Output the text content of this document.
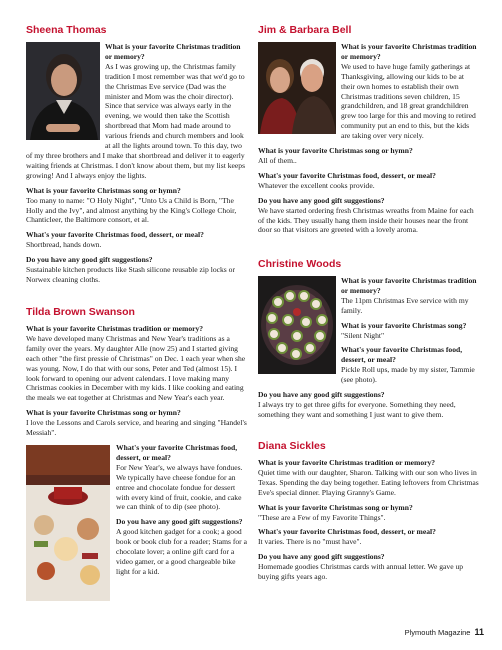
Sheena Thomas

What is your favorite Christmas tradition or memory?

As I was growing up, the Christmas family tradition I most remember was that we'd go to the Christmas Eve service (Dad was the minister and Mom was the choir director). Since that service was always early in the evening, we would then take the Scottish shortbread that Mom had made around to various friends and church members and look at all the lights around town. To this day, two of my three brothers and I make that shortbread and deliver it to eagerly waiting friends at Christmas. I don't know about them, but my list keeps growing! And I always enjoy the lights.

What is your favorite Christmas song or hymn?

Too many to name: "O Holy Night", "Unto Us a Child is Born, "The Holly and the Ivy", and almost anything by the King's College Choir, Chanticleer, the Baltimore consort, et al.

What's your favorite Christmas food, dessert, or meal?

Shortbread, hands down.

Do you have any good gift suggestions?

Sustainable kitchen products like Stash silicone reusable zip locks or Norwex cleaning cloths.

Tilda Brown Swanson

What is your favorite Christmas tradition or memory?

We have developed many Christmas and New Year's traditions as a family over the years. My daughter Alle (now 25) and I started giving each other "the first pressie of Christmas" on Dec. 1 each year when she was young. Now, I do that with our sons, Peter and Ted (almost 15). I look forward to opening our advent calendars. I love making many Christmas cookies in December with my kids. I like cooking and eating the meals we eat together at Christmas and New Year's each year.

What is your favorite Christmas song or hymn?

I love the Lessons and Carols service, and hearing and singing "Handel's Messiah".

What's your favorite Christmas food, dessert, or meal?

For New Year's, we always have fondues. We typically have cheese fondue for an entree and chocolate fondue for dessert with every kind of fruit, cookie, and cake we can think of to dip (see photo).

Do you have any good gift suggestions?

A good kitchen gadget for a cook; a good book or book club for a reader; Stams for a chocolate lover; a online gift card for a video gamer, or a good chargeable bike light for a kid.

Jim & Barbara Bell

What is your favorite Christmas tradition or memory?

We used to have huge family gatherings at Thanksgiving, allowing our kids to be at their own homes to establish their own Christmas traditions seven children, 15 grandchildren, and 18 great grandchildren grew too large for this and moving to retired community put an end to this, but the kids are taking over very nicely.

What is your favorite Christmas song or hymn?

All of them..

What's your favorite Christmas food, dessert, or meal?

Whatever the excellent cooks provide.

Do you have any good gift suggestions?

We have started ordering fresh Christmas wreaths from Maine for each of the kids. They usually hang them inside their houses near the front door so that visitors are greeted with a lovely aroma.

Christine Woods

What is your favorite Christmas tradition or memory?

The 11pm Christmas Eve service with my family.

What is your favorite Christmas song?

"Silent Night"

What's your favorite Christmas food, dessert, or meal?

Pickle Roll ups, made by my sister, Tammie (see photo).

Do you have any good gift suggestions?

I always try to get three gifts for everyone. Something they need, something they want and something I just want to give them.

Diana Sickles

What is your favorite Christmas tradition or memory?

Quiet time with our daughter, Sharon. Talking with our son who lives in Texas. Spending the day being together. Eating leftovers from Christmas Eve's special dinner. Playing Granny's Game.

What is your favorite Christmas song or hymn?

"These are a Few of my Favorite Things".

What's your favorite Christmas food, dessert, or meal?

It varies. There is no "must have".

Do you have any good gift suggestions?

Homemade goodies Christmas cards with annual letter. We gave up buying gifts years ago.

Plymouth Magazine 11
